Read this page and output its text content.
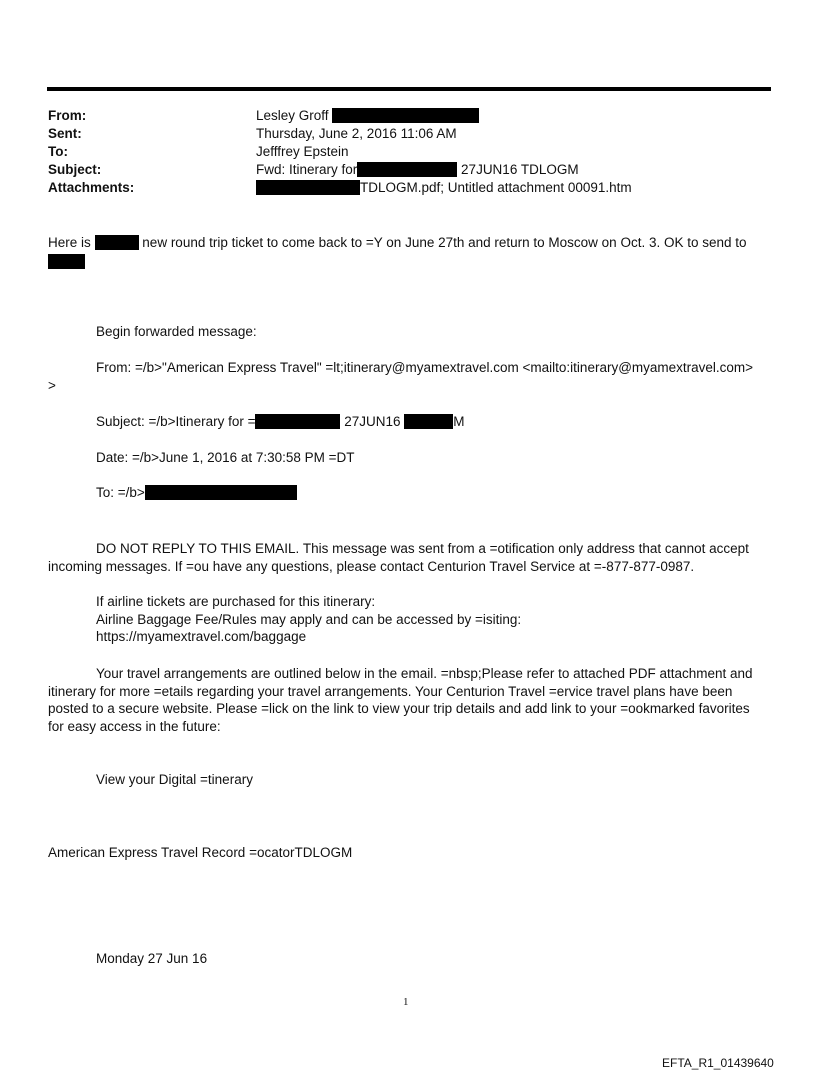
From:	Lesley Groff
Sent:	Thursday, June 2, 2016 11:06 AM
To:	Jefffrey Epstein
Subject:	Fwd: Itinerary for	27JUN16 TDLOGM
Attachments:	TDLOGM.pdf; Untitled attachment 00091.htm
Here is	new round trip ticket to come back to =Y on June 27th and return to Moscow on Oct. 3. OK to send to
Begin forwarded message:
From: =/b>"American Express Travel" =lt;itinerary@myamextravel.com <mailto:itinerary@myamextravel.com>
>
Subject: =/b>Itinerary for =	27JUN16	M
Date: =/b>June 1, 2016 at 7:30:58 PM =DT
To: =/b>
DO NOT REPLY TO THIS EMAIL. This message was sent from a =otification only address that cannot accept
incoming messages. If =ou have any questions, please contact Centurion Travel Service at =-877-877-0987.
If airline tickets are purchased for this itinerary:
Airline Baggage Fee/Rules may apply and can be accessed by =isiting:
https://myamextravel.com/baggage
Your travel arrangements are outlined below in the email. =nbsp;Please refer to attached PDF attachment and
itinerary for more =etails regarding your travel arrangements. Your Centurion Travel =ervice travel plans have been
posted to a secure website. Please =lick on the link to view your trip details and add link to your =ookmarked favorites
for easy access in the future:
View your Digital =tinerary
American Express Travel Record =ocatorTDLOGM
Monday 27 Jun 16
1
EFTA_R1_01439640
